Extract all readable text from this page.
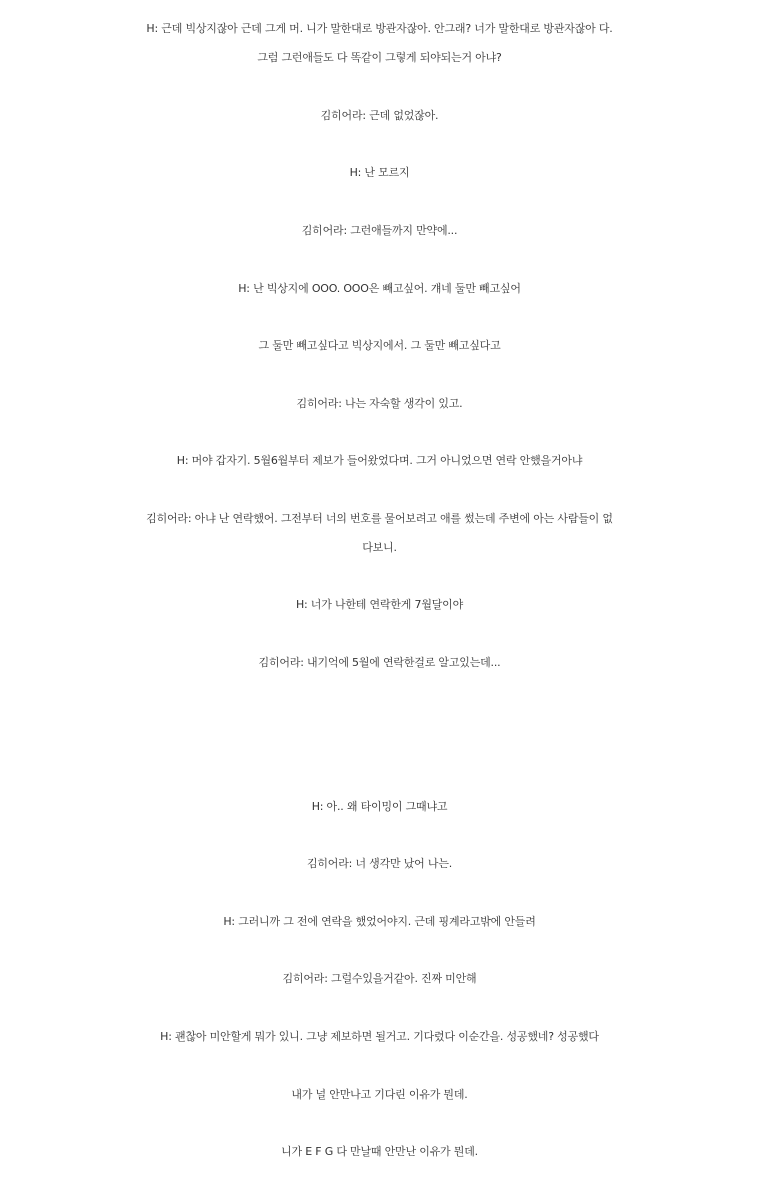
H: 근데 빅상지잖아 근데 그게 머. 니가 말한대로 방관자잖아. 안그래? 너가 말한대로 방관자잖아 다.
그럼 그런애들도 다 똑같이 그렇게 되야되는거 아냐?
김히어라: 근데 없었잖아.
H: 난 모르지
김히어라: 그런애들까지 만약에...
H: 난 빅상지에 OOO. OOO은 빼고싶어. 걔네 둘만 빼고싶어
그 둘만 빼고싶다고 빅상지에서. 그 둘만 빼고싶다고
김히어라: 나는 자숙할 생각이 있고.
H: 머야 갑자기. 5월6월부터 제보가 들어왔었다며. 그거 아니었으면 연락 안했을거아냐
김히어라: 아냐 난 연락했어. 그전부터 너의 번호를 물어보려고 애를 썼는데 주변에 아는 사람들이 없
다보니.
H: 너가 나한테 연락한게 7월달이야
김히어라: 내기억에 5월에 연락한걸로 알고있는데...
H: 아.. 왜 타이밍이 그때냐고
김히어라: 너 생각만 났어 나는.
H: 그러니까 그 전에 연락을 했었어야지. 근데 핑계라고밖에 안들려
김히어라: 그럴수있을거같아. 진짜 미안해
H: 괜찮아 미안할게 뭐가 있니. 그냥 제보하면 될거고. 기다렸다 이순간을. 성공했네? 성공했다
내가 널 안만나고 기다린 이유가 뭔데.
니가 E F G 다 만날때 안만난 이유가 뭔데.
